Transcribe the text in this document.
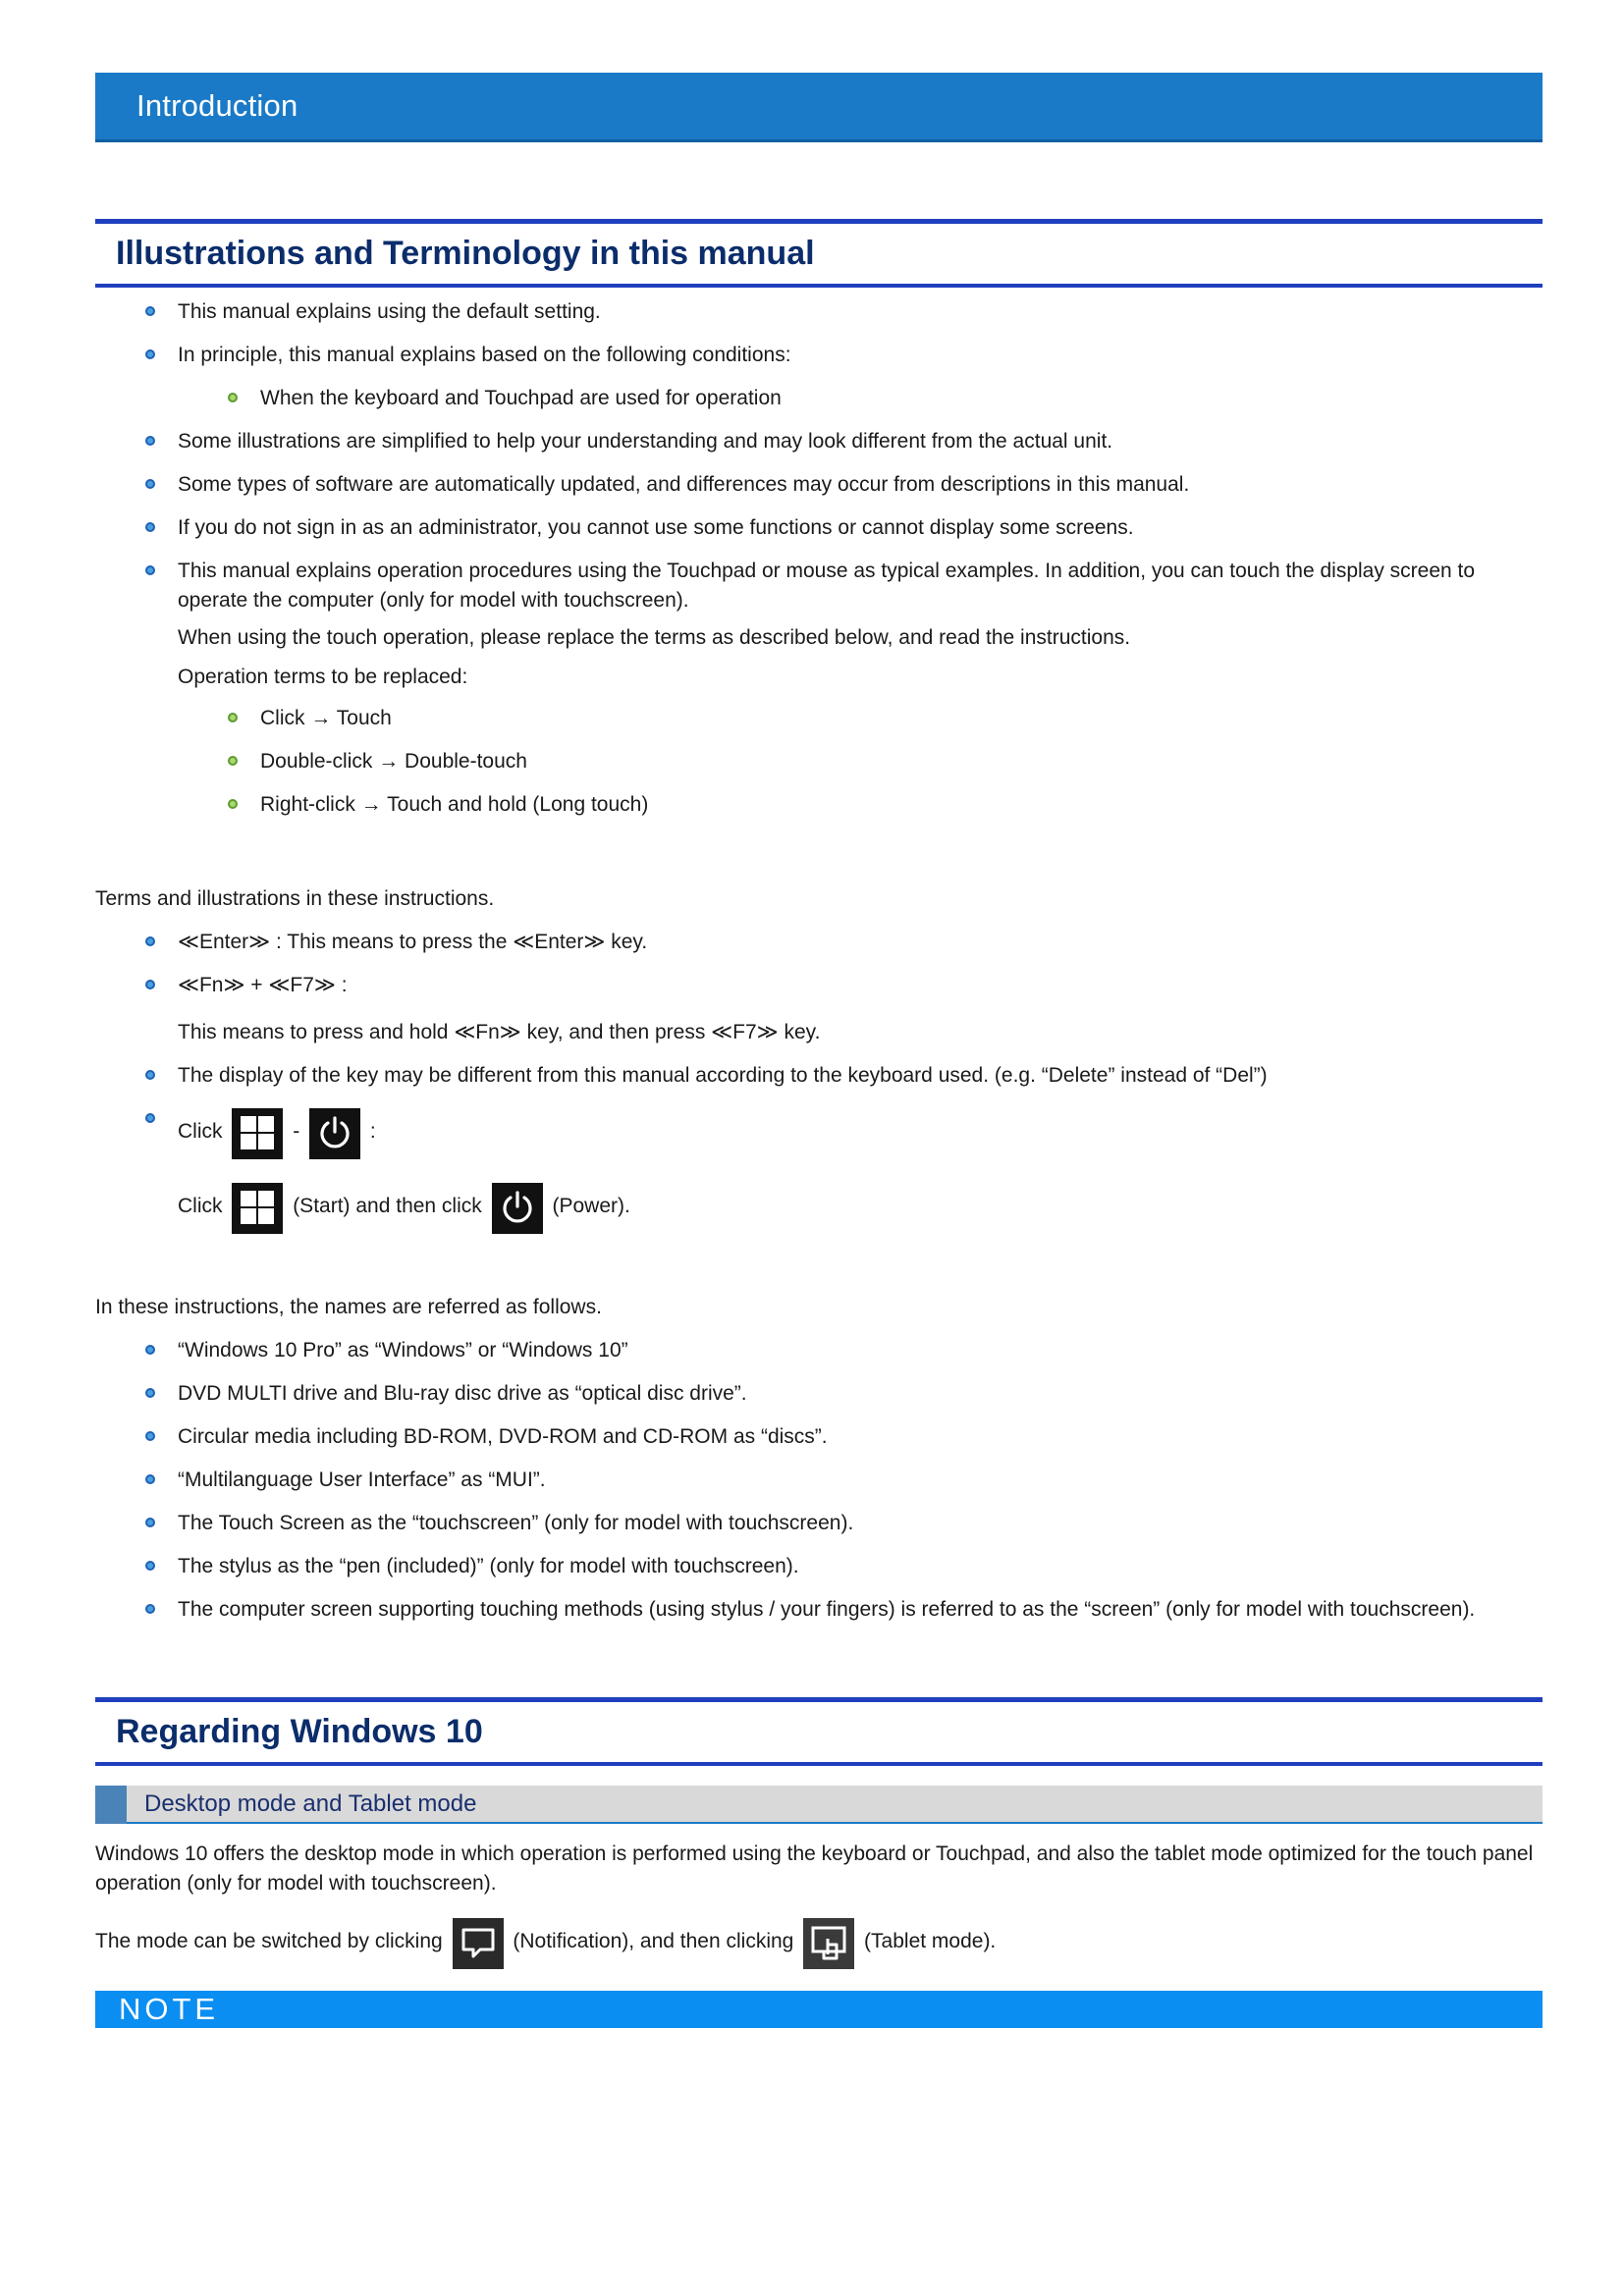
Introduction
Illustrations and Terminology in this manual
This manual explains using the default setting.
In principle, this manual explains based on the following conditions:
When the keyboard and Touchpad are used for operation
Some illustrations are simplified to help your understanding and may look different from the actual unit.
Some types of software are automatically updated, and differences may occur from descriptions in this manual.
If you do not sign in as an administrator, you cannot use some functions or cannot display some screens.
This manual explains operation procedures using the Touchpad or mouse as typical examples. In addition, you can touch the display screen to operate the computer (only for model with touchscreen).
When using the touch operation, please replace the terms as described below, and read the instructions.
Operation terms to be replaced:
Click → Touch
Double-click → Double-touch
Right-click → Touch and hold (Long touch)
Terms and illustrations in these instructions.
≪Enter≫ : This means to press the ≪Enter≫ key.
≪Fn≫ + ≪F7≫ :
This means to press and hold ≪Fn≫ key, and then press ≪F7≫ key.
The display of the key may be different from this manual according to the keyboard used. (e.g. “Delete” instead of “Del”)
Click	-	:
Click	(Start) and then click	(Power).
In these instructions, the names are referred as follows.
“Windows 10 Pro” as “Windows” or “Windows 10”
DVD MULTI drive and Blu-ray disc drive as “optical disc drive”.
Circular media including BD-ROM, DVD-ROM and CD-ROM as “discs”.
“Multilanguage User Interface” as “MUI”.
The Touch Screen as the “touchscreen” (only for model with touchscreen).
The stylus as the “pen (included)” (only for model with touchscreen).
The computer screen supporting touching methods (using stylus / your fingers) is referred to as the “screen” (only for model with touchscreen).
Regarding Windows 10
Desktop mode and Tablet mode
Windows 10 offers the desktop mode in which operation is performed using the keyboard or Touchpad, and also the tablet mode optimized for the touch panel operation (only for model with touchscreen).
The mode can be switched by clicking	(Notification), and then clicking	(Tablet mode).
NOTE
